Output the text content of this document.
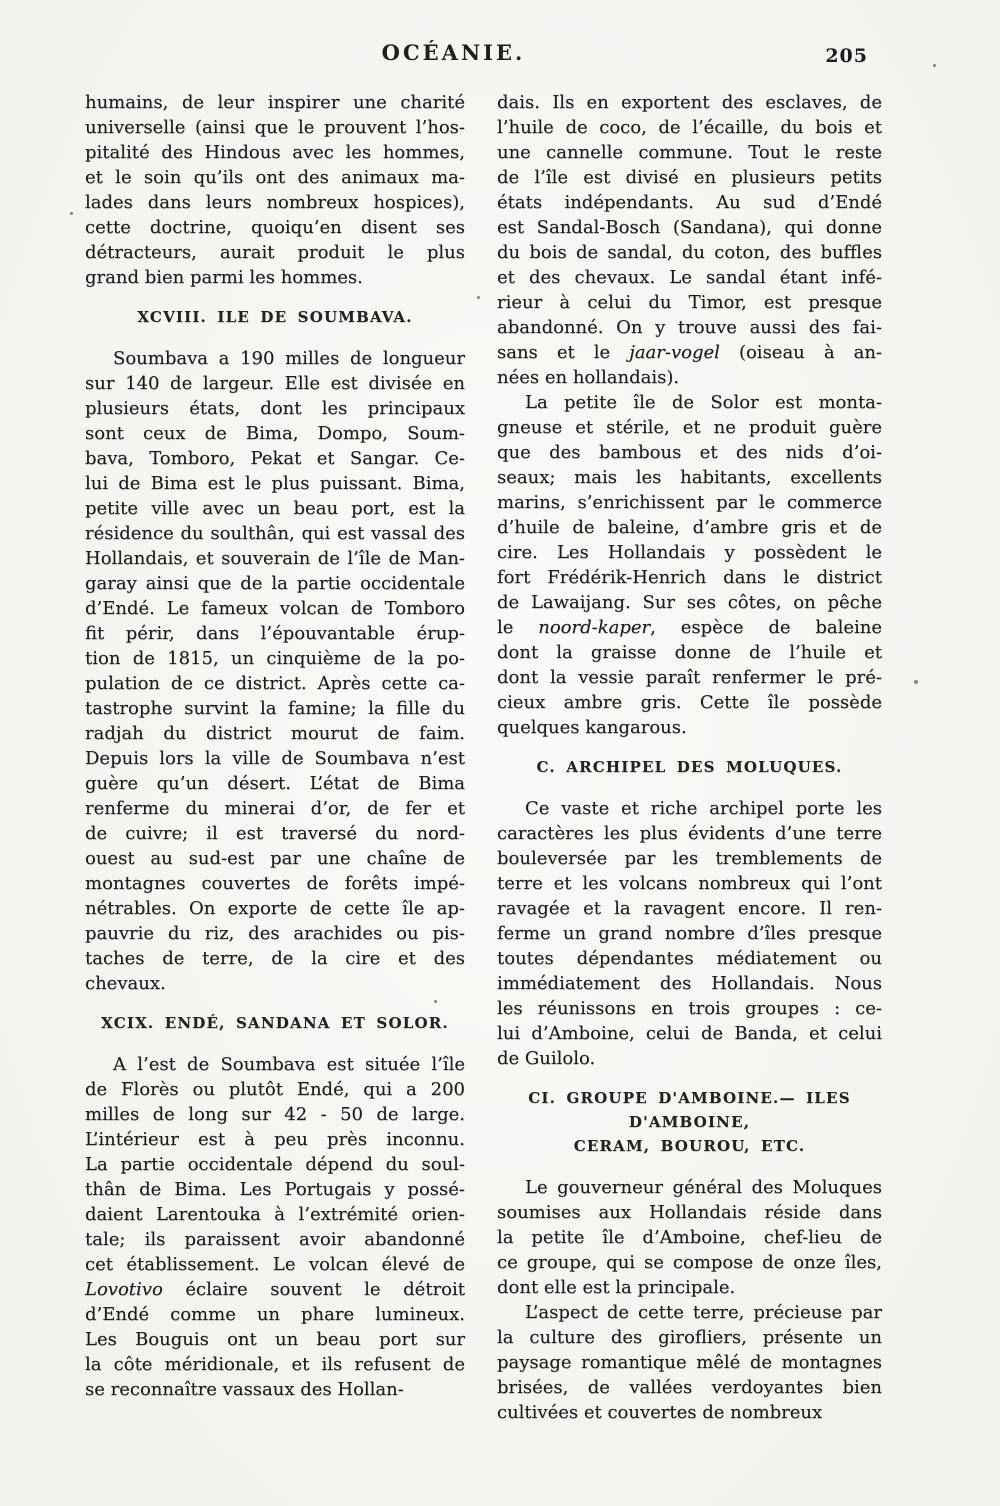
OCÉANIE.	205
humains, de leur inspirer une charité
universelle (ainsi que le prouvent l’hos-
pitalité des Hindous avec les hommes,
et le soin qu’ils ont des animaux ma-
lades dans leurs nombreux hospices),
cette doctrine, quoiqu’en disent ses
détracteurs, aurait produit le plus
grand bien parmi les hommes.
XCVIII. ILE DE SOUMBAVA.
Soumbava a 190 milles de longueur
sur 140 de largeur. Elle est divisée en
plusieurs états, dont les principaux
sont ceux de Bima, Dompo, Soum-
bava, Tomboro, Pekat et Sangar. Ce-
lui de Bima est le plus puissant. Bima,
petite ville avec un beau port, est la
résidence du soulthân, qui est vassal des
Hollandais, et souverain de l’île de Man-
garay ainsi que de la partie occidentale
d’Endé. Le fameux volcan de Tomboro
fit périr, dans l’épouvantable érup-
tion de 1815, un cinquième de la po-
pulation de ce district. Après cette ca-
tastrophe survint la famine; la fille du
radjah du district mourut de faim.
Depuis lors la ville de Soumbava n’est
guère qu’un désert. L’état de Bima
renferme du minerai d’or, de fer et
de cuivre; il est traversé du nord-
ouest au sud-est par une chaîne de
montagnes couvertes de forêts impé-
nétrables. On exporte de cette île ap-
pauvrie du riz, des arachides ou pis-
taches de terre, de la cire et des
chevaux.
XCIX. ENDÉ, SANDANA ET SOLOR.
A l’est de Soumbava est située l’île
de Florès ou plutôt Endé, qui a 200
milles de long sur 42 - 50 de large.
L’intérieur est à peu près inconnu.
La partie occidentale dépend du soul-
thân de Bima. Les Portugais y possé-
daient Larentouka à l’extrémité orien-
tale; ils paraissent avoir abandonné
cet établissement. Le volcan élevé de
Lovotivo éclaire souvent le détroit
d’Endé comme un phare lumineux.
Les Bouguis ont un beau port sur
la côte méridionale, et ils refusent de
se reconnaître vassaux des Hollan-
dais. Ils en exportent des esclaves, de
l’huile de coco, de l’écaille, du bois et
une cannelle commune. Tout le reste
de l’île est divisé en plusieurs petits
états indépendants. Au sud d’Endé
est Sandal-Bosch (Sandana), qui donne
du bois de sandal, du coton, des buffles
et des chevaux. Le sandal étant infé-
rieur à celui du Timor, est presque
abandonné. On y trouve aussi des fai-
sans et le jaar-vogel (oiseau à an-
nées en hollandais).
La petite île de Solor est monta-
gneuse et stérile, et ne produit guère
que des bambous et des nids d’oi-
seaux; mais les habitants, excellents
marins, s’enrichissent par le commerce
d’huile de baleine, d’ambre gris et de
cire. Les Hollandais y possèdent le
fort Frédérik-Henrich dans le district
de Lawaijang. Sur ses côtes, on pêche
le noord-kaper, espèce de baleine
dont la graisse donne de l’huile et
dont la vessie paraît renfermer le pré-
cieux ambre gris. Cette île possède
quelques kangarous.
C. ARCHIPEL DES MOLUQUES.
Ce vaste et riche archipel porte les
caractères les plus évidents d’une terre
bouleversée par les tremblements de
terre et les volcans nombreux qui l’ont
ravagée et la ravagent encore. Il ren-
ferme un grand nombre d’îles presque
toutes dépendantes médiatement ou
immédiatement des Hollandais. Nous
les réunissons en trois groupes : ce-
lui d’Amboine, celui de Banda, et celui
de Guilolo.
CI. GROUPE D'AMBOINE.— ILES D'AMBOINE,
CERAM, BOUROU, ETC.
Le gouverneur général des Moluques
soumises aux Hollandais réside dans
la petite île d’Amboine, chef-lieu de
ce groupe, qui se compose de onze îles,
dont elle est la principale.
L’aspect de cette terre, précieuse par
la culture des girofliers, présente un
paysage romantique mêlé de montagnes
brisées, de vallées verdoyantes bien
cultivées et couvertes de nombreux
